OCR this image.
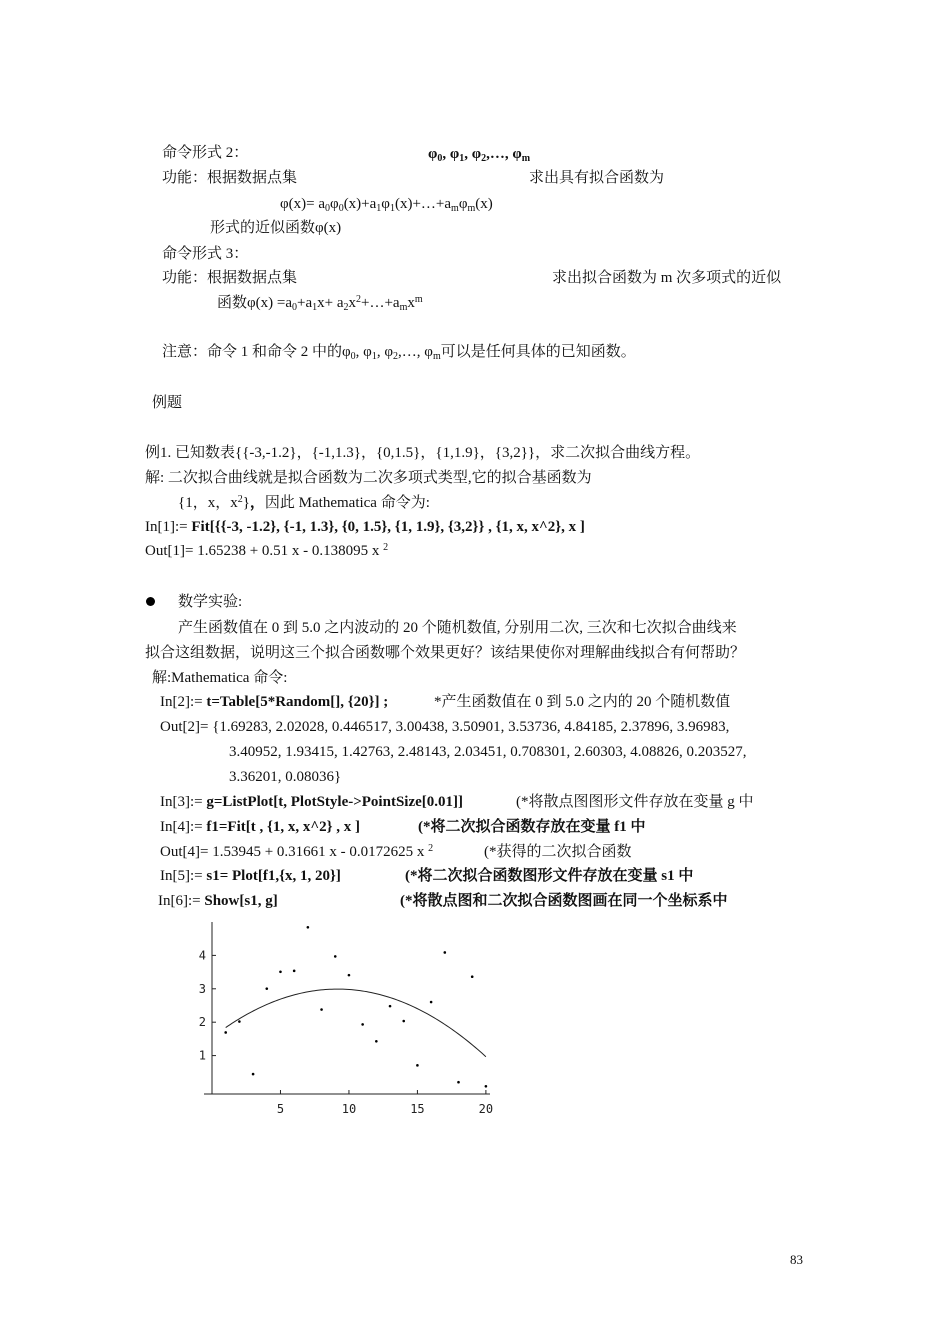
命令形式 2：	$\varphi_0$, $\varphi_1$, $\varphi_2,\dots$, $\varphi_m$
功能：根据数据点集	求出具有拟合函数为
$\varphi(x)= a_0\varphi_0(x)+a_1\varphi_1(x)+\dots+a_m\varphi_m(x)$
形式的近似函数φ(x)
命令形式 3：
功能：根据数据点集	求出拟合函数为 m 次多项式的近似
函数$\varphi(x) =a_0+a_1x+$ $a_2x^2+\dots+a_mx^m$
注意：命令 1 和命令 2 中的$\varphi_0$, $\varphi_1$, $\varphi_2,\dots$, $\varphi_m$可以是任何具体的已知函数。
例题
例1. 已知数表{{-3,-1.2}，{-1,1.3}，{0,1.5}，{1,1.9}，{3,2}}，求二次拟合曲线方程。
解: 二次拟合曲线就是拟合函数为二次多项式类型,它的拟合基函数为
{1，x，$x^2$}，因此 Mathematica 命令为:
In[1]:= Fit[{{-3, -1.2}, {-1, 1.3}, {0, 1.5}, {1, 1.9}, {3,2}} , {1, x, x^2}, x ]
Out[1]= 1.65238 + 0.51 x - 0.138095 x $^2$
数学实验:
产生函数值在 0 到 5.0 之内波动的 20 个随机数值, 分别用二次, 三次和七次拟合曲线来
拟合这组数据，说明这三个拟合函数哪个效果更好？该结果使你对理解曲线拟合有何帮助？
解:Mathematica 命令:
In[2]:= t=Table[5*Random[], {20}] ;	*产生函数值在 0 到 5.0 之内的 20 个随机数值
Out[2]= {1.69283, 2.02028, 0.446517, 3.00438, 3.50901, 3.53736, 4.84185, 2.37896, 3.96983,
3.40952, 1.93415, 1.42763, 2.48143, 2.03451, 0.708301, 2.60303, 4.08826, 0.203527,
3.36201, 0.08036}
In[3]:= g=ListPlot[t, PlotStyle->PointSize[0.01]]	(*将散点图图形文件存放在变量 g 中
In[4]:= f1=Fit[t , {1, x, x^2} , x ]	(*将二次拟合函数存放在变量 f1 中
Out[4]= 1.53945 + 0.31661 x - 0.0172625 x $^2$	(*获得的二次拟合函数
In[5]:= s1= Plot[f1,{x, 1, 20}]	(*将二次拟合函数图形文件存放在变量 s1 中
In[6]:= Show[s1, g]	(*将散点图和二次拟合函数图画在同一个坐标系中
5	10	15	20
1
2
3
4
83
